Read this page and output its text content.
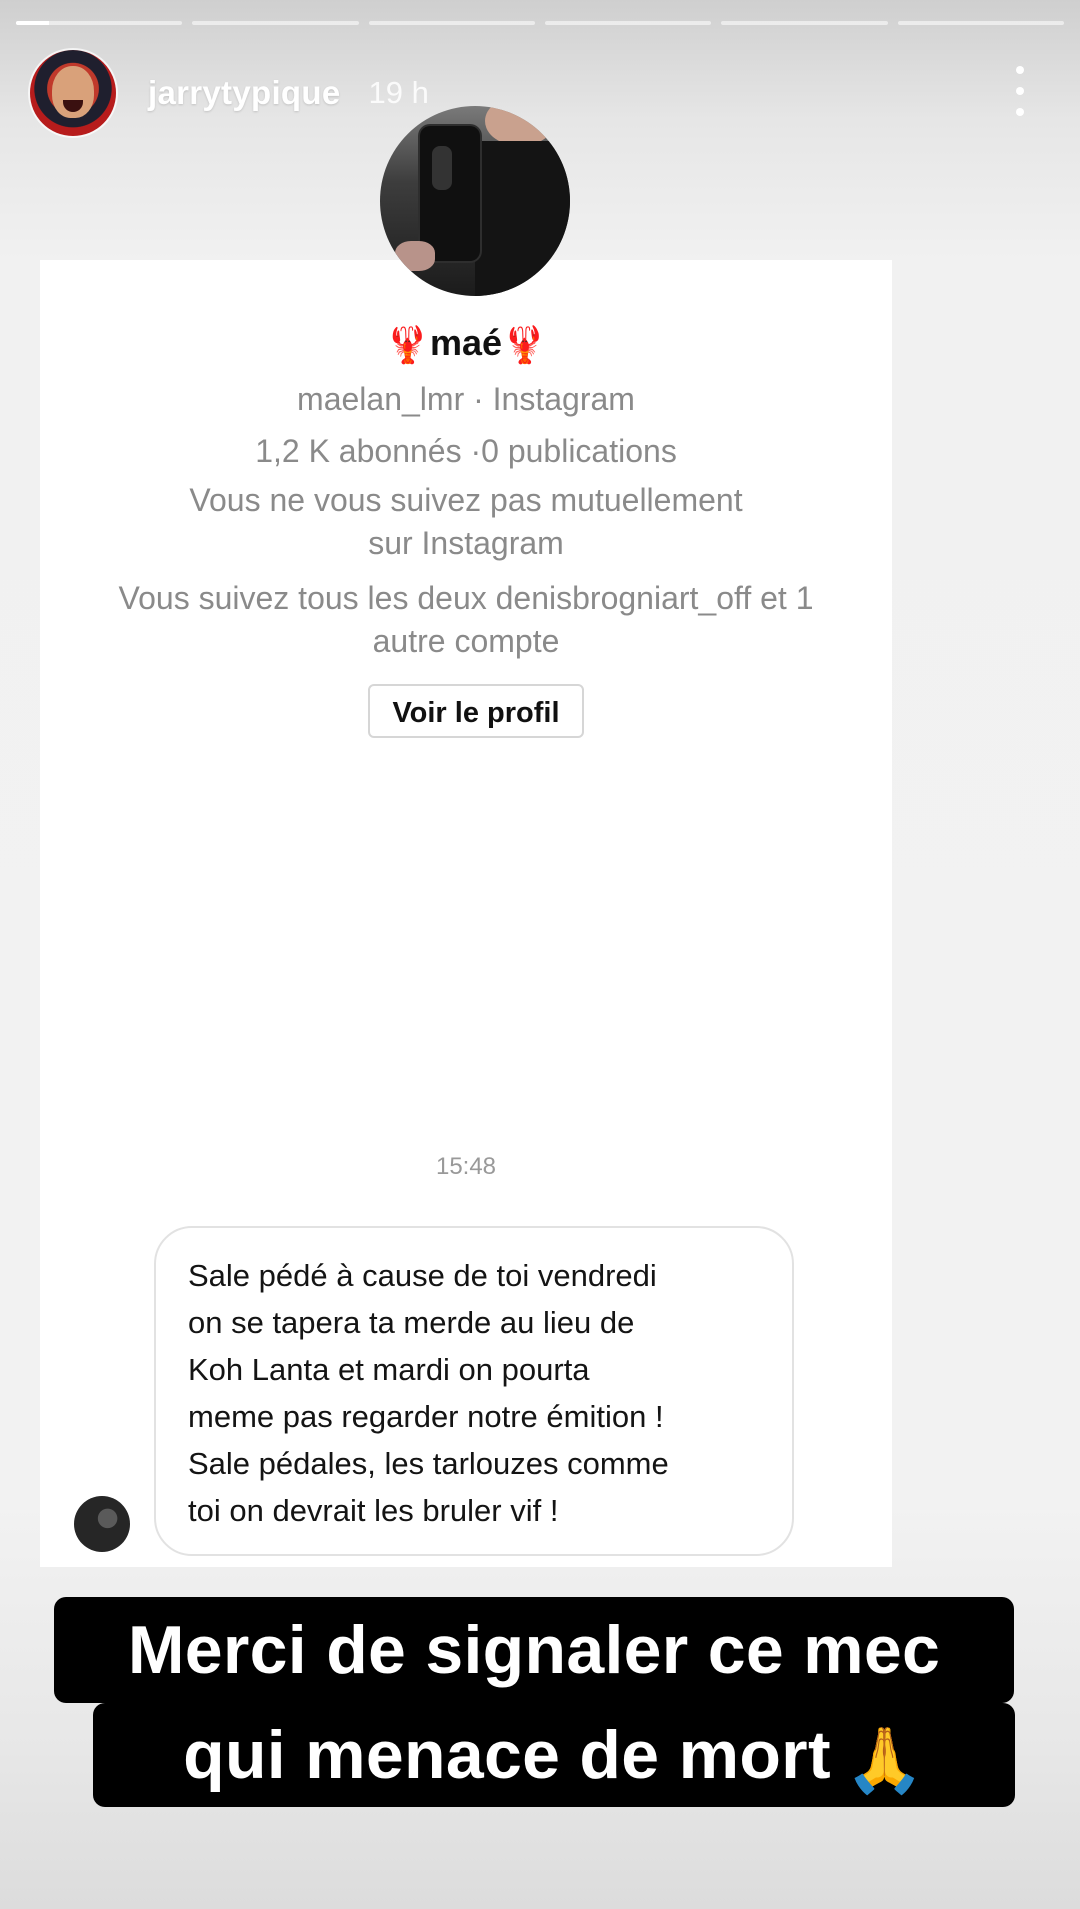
jarrytypique 19 h
🦞maé🦞
maelan_lmr · Instagram
1,2 K abonnés ·0 publications
Vous ne vous suivez pas mutuellement
sur Instagram
Vous suivez tous les deux denisbrogniart_off et 1
autre compte
Voir le profil
15:48
Sale pédé à cause de toi vendredi
on se tapera ta merde au lieu de
Koh Lanta et mardi on pourta
meme pas regarder notre émition !
Sale pédales, les tarlouzes comme
toi on devrait les bruler vif !
Merci de signaler ce mec
qui menace de mort 🙏
